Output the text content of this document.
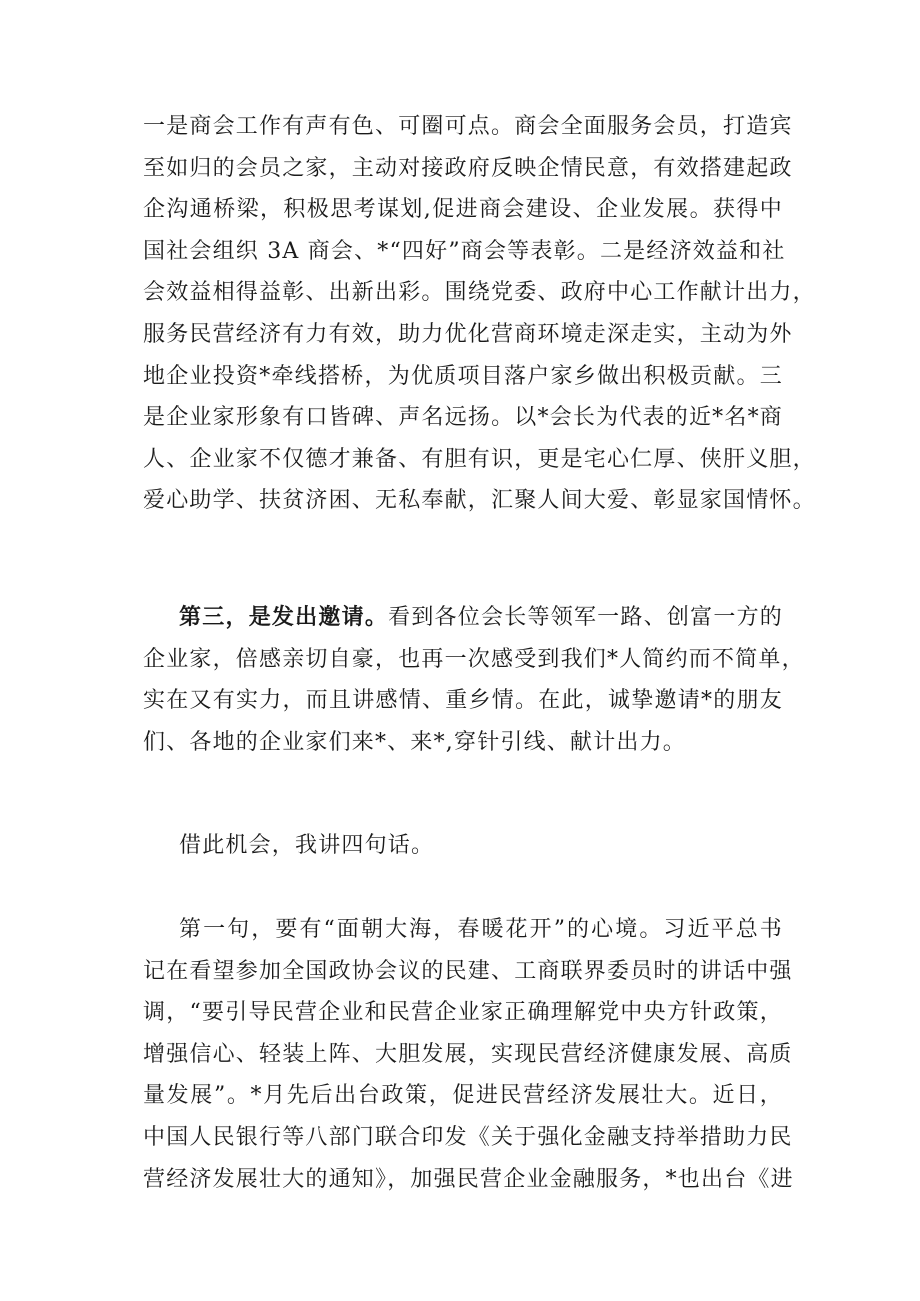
一是商会工作有声有色、可圈可点。商会全面服务会员，打造宾
至如归的会员之家，主动对接政府反映企情民意，有效搭建起政
企沟通桥梁，积极思考谋划,促进商会建设、企业发展。获得中
国社会组织 3A 商会、*“四好”商会等表彰。二是经济效益和社
会效益相得益彰、出新出彩。围绕党委、政府中心工作献计出力，
服务民营经济有力有效，助力优化营商环境走深走实，主动为外
地企业投资*牵线搭桥，为优质项目落户家乡做出积极贡献。三
是企业家形象有口皆碑、声名远扬。以*会长为代表的近*名*商
人、企业家不仅德才兼备、有胆有识，更是宅心仁厚、侠肝义胆，
爱心助学、扶贫济困、无私奉献，汇聚人间大爱、彰显家国情怀。
第三，是发出邀请。看到各位会长等领军一路、创富一方的
企业家，倍感亲切自豪，也再一次感受到我们*人简约而不简单，
实在又有实力，而且讲感情、重乡情。在此，诚挚邀请*的朋友
们、各地的企业家们来*、来*,穿针引线、献计出力。
借此机会，我讲四句话。
第一句，要有“面朝大海，春暖花开”的心境。习近平总书
记在看望参加全国政协会议的民建、工商联界委员时的讲话中强
调，“要引导民营企业和民营企业家正确理解党中央方针政策，
增强信心、轻装上阵、大胆发展，实现民营经济健康发展、高质
量发展”。*月先后出台政策，促进民营经济发展壮大。近日，
中国人民银行等八部门联合印发《关于强化金融支持举措助力民
营经济发展壮大的通知》，加强民营企业金融服务，*也出台《进
